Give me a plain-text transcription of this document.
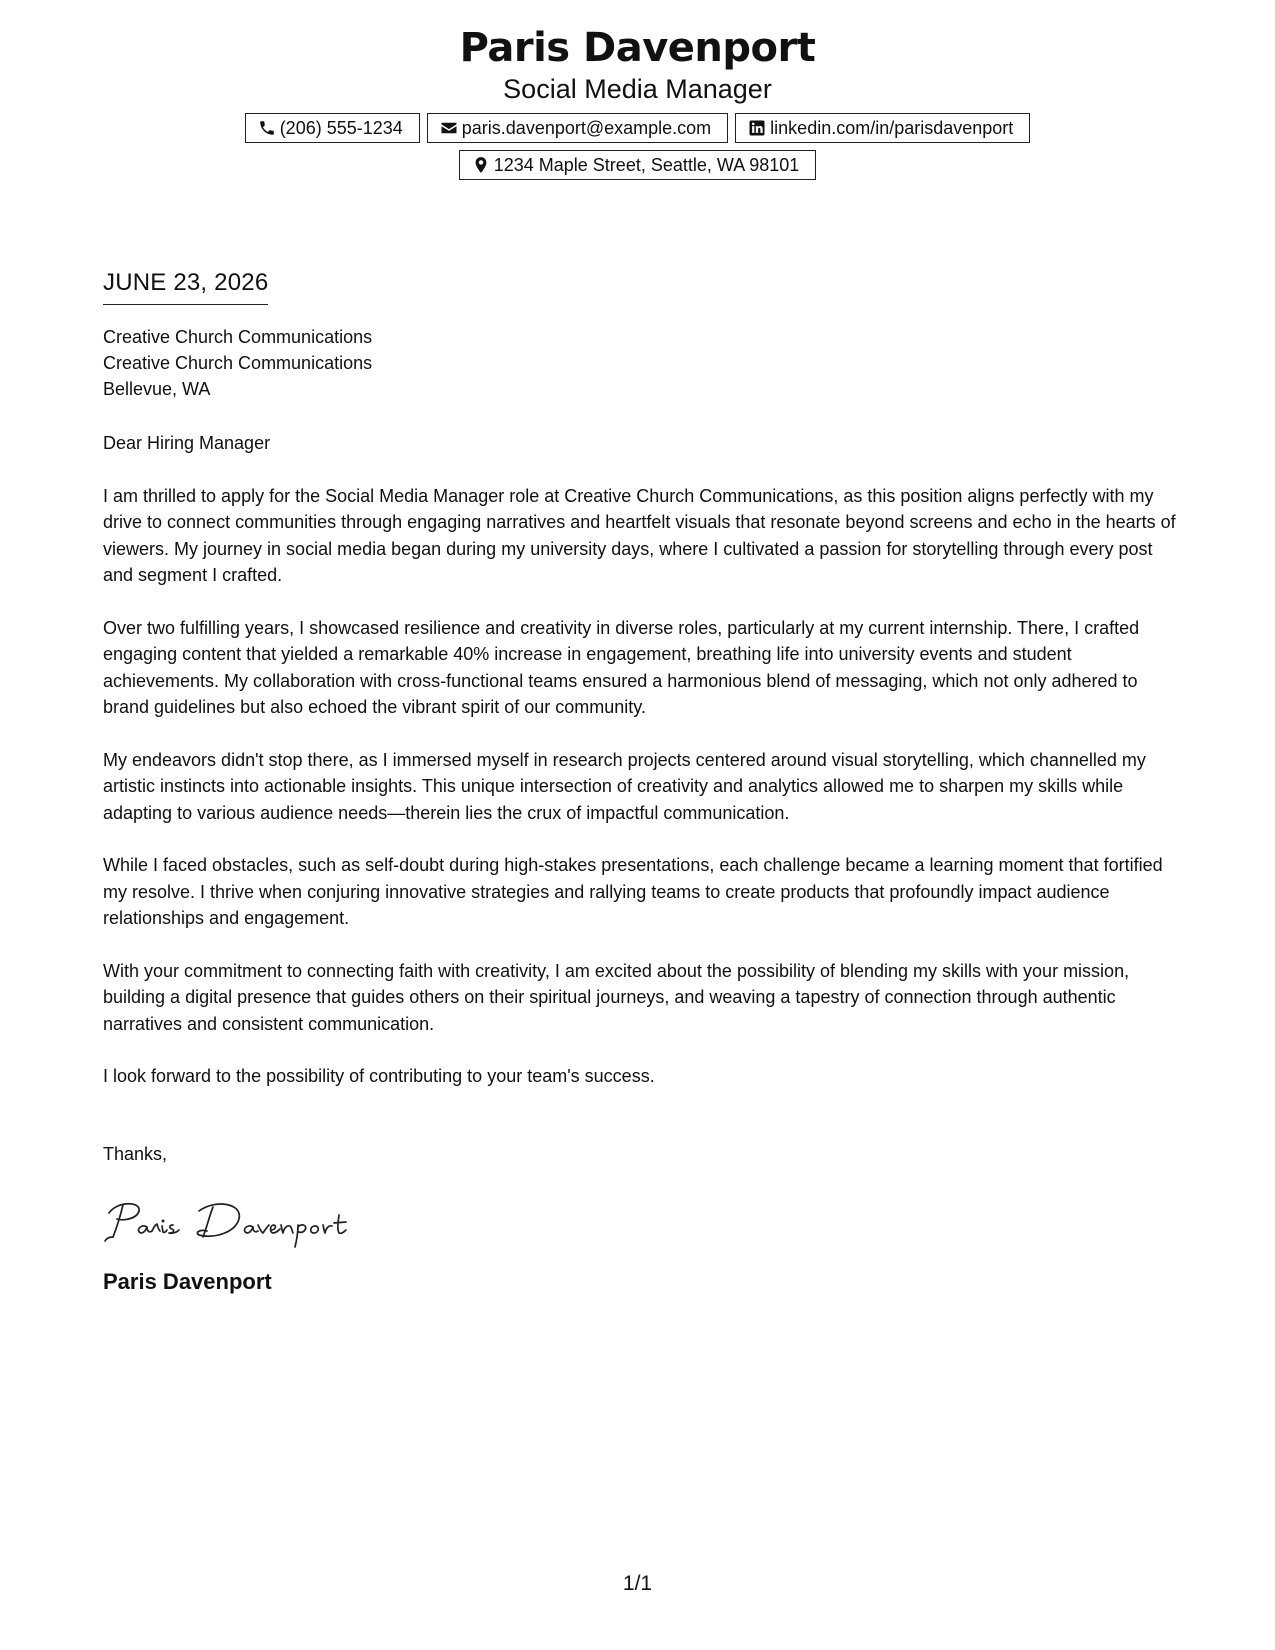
Paris Davenport
Social Media Manager
(206) 555-1234	paris.davenport@example.com	linkedin.com/in/parisdavenport
1234 Maple Street, Seattle, WA 98101
JUNE 23, 2026
Creative Church Communications
Creative Church Communications
Bellevue, WA
Dear Hiring Manager
I am thrilled to apply for the Social Media Manager role at Creative Church Communications, as this position aligns perfectly with my drive to connect communities through engaging narratives and heartfelt visuals that resonate beyond screens and echo in the hearts of viewers. My journey in social media began during my university days, where I cultivated a passion for storytelling through every post and segment I crafted.
Over two fulfilling years, I showcased resilience and creativity in diverse roles, particularly at my current internship. There, I crafted engaging content that yielded a remarkable 40% increase in engagement, breathing life into university events and student achievements. My collaboration with cross-functional teams ensured a harmonious blend of messaging, which not only adhered to brand guidelines but also echoed the vibrant spirit of our community.
My endeavors didn't stop there, as I immersed myself in research projects centered around visual storytelling, which channelled my artistic instincts into actionable insights. This unique intersection of creativity and analytics allowed me to sharpen my skills while adapting to various audience needs—therein lies the crux of impactful communication.
While I faced obstacles, such as self-doubt during high-stakes presentations, each challenge became a learning moment that fortified my resolve. I thrive when conjuring innovative strategies and rallying teams to create products that profoundly impact audience relationships and engagement.
With your commitment to connecting faith with creativity, I am excited about the possibility of blending my skills with your mission, building a digital presence that guides others on their spiritual journeys, and weaving a tapestry of connection through authentic narratives and consistent communication.
I look forward to the possibility of contributing to your team's success.
Thanks,
Paris Davenport
1/1
